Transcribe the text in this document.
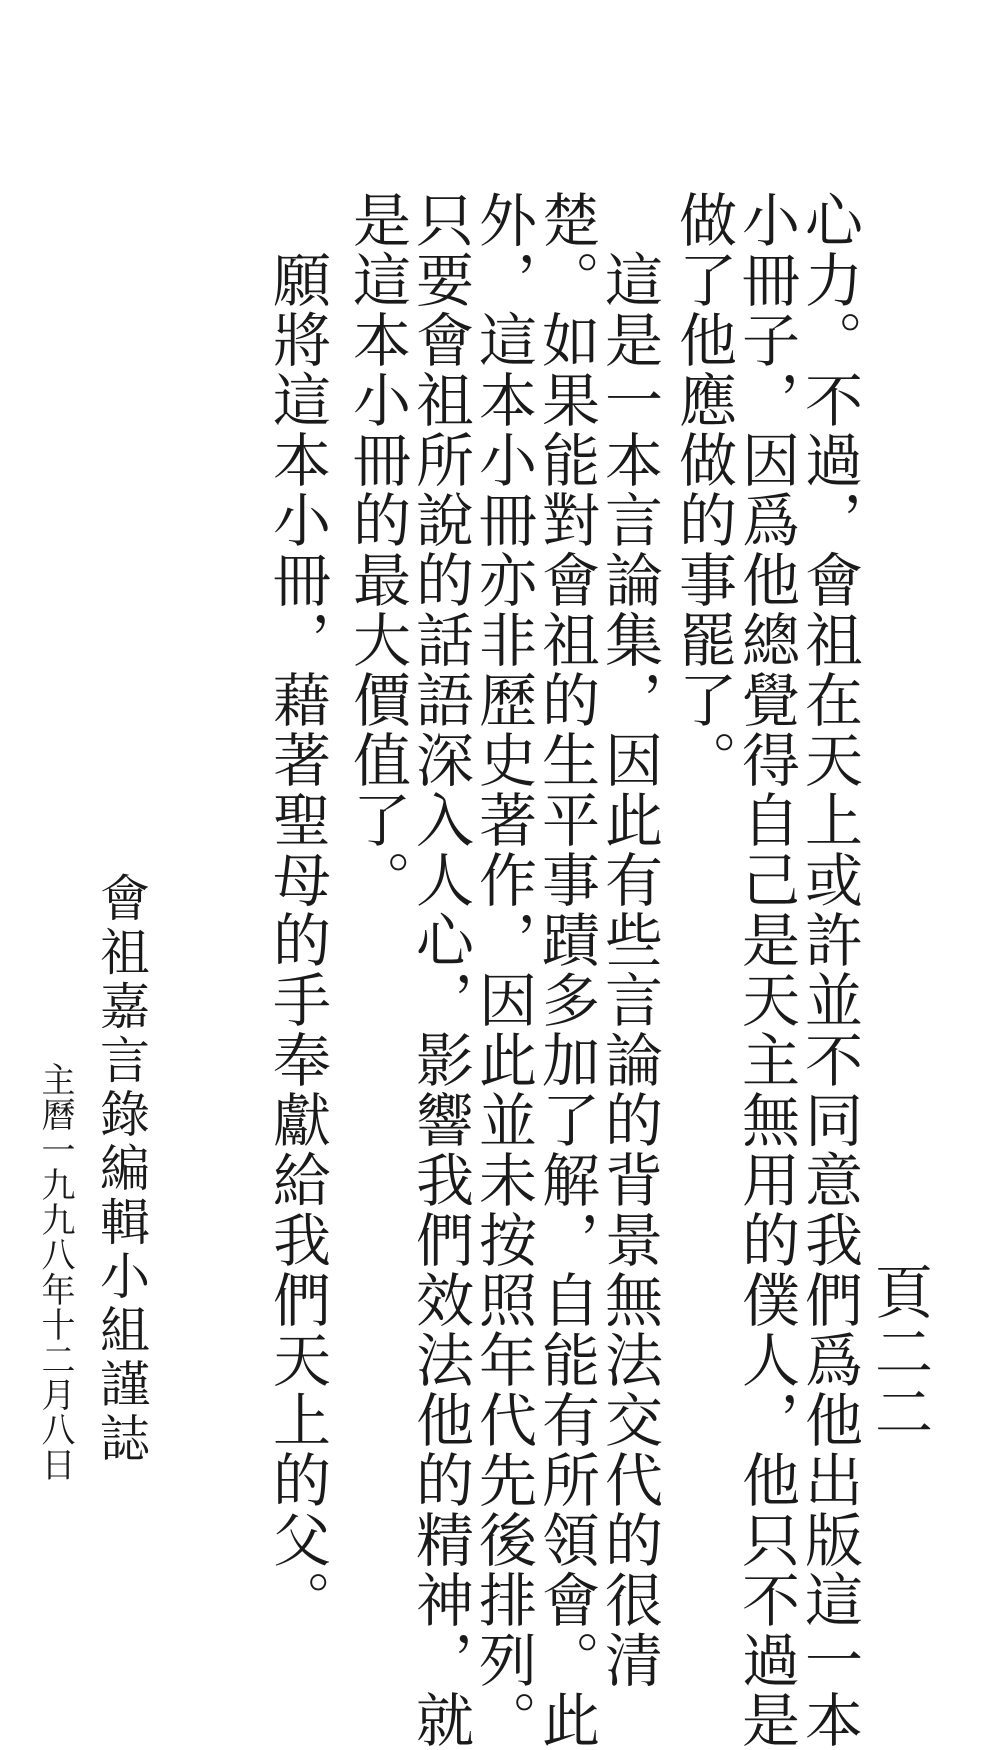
頁二二
心力。不過，會祖在天上或許並不同意我們爲他出版這一本
小冊子，因爲他總覺得自己是天主無用的僕人，他只不過是
做了他應做的事罷了。
　這是一本言論集，因此有些言論的背景無法交代的很清
楚。如果能對會祖的生平事蹟多加了解，自能有所領會。此
外，這本小冊亦非歷史著作，因此並未按照年代先後排列。
只要會祖所說的話語深入人心，影響我們效法他的精神，就
是這本小冊的最大價值了。
　願將這本小冊，藉著聖母的手奉獻給我們天上的父。
會祖嘉言錄編輯小組謹誌
主曆一九九八年十二月八日
